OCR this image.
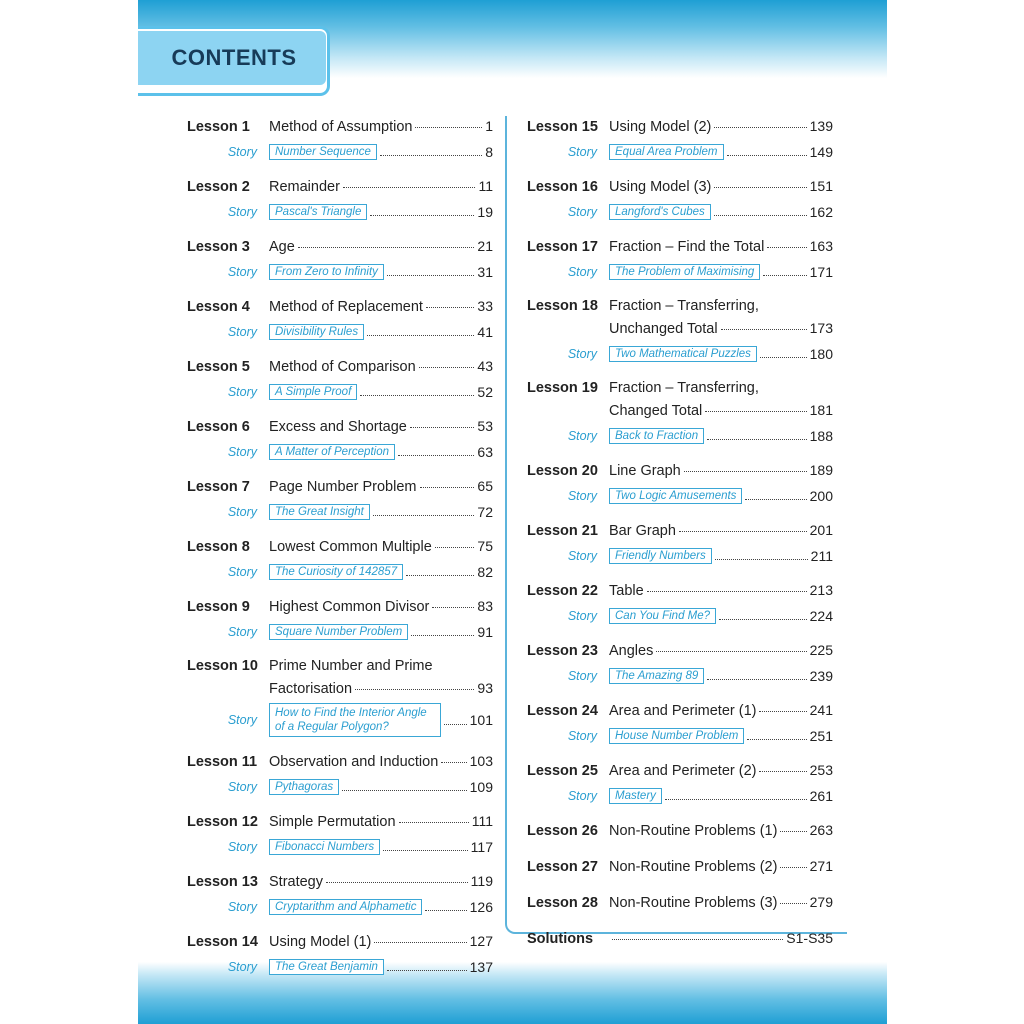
CONTENTS
Lesson 1	Method of Assumption	1
Story	Number Sequence	8
Lesson 2	Remainder	11
Story	Pascal's Triangle	19
Lesson 3	Age	21
Story	From Zero to Infinity	31
Lesson 4	Method of Replacement	33
Story	Divisibility Rules	41
Lesson 5	Method of Comparison	43
Story	A Simple Proof	52
Lesson 6	Excess and Shortage	53
Story	A Matter of Perception	63
Lesson 7	Page Number Problem	65
Story	The Great Insight	72
Lesson 8	Lowest Common Multiple	75
Story	The Curiosity of 142857	82
Lesson 9	Highest Common Divisor	83
Story	Square Number Problem	91
Lesson 10 Prime Number and Prime
Factorisation	93
Story	How to Find the Interior Angle of a Regular Polygon?	101
Lesson 11 Observation and Induction 103
Story	Pythagoras	109
Lesson 12 Simple Permutation	111
Story	Fibonacci Numbers	117
Lesson 13 Strategy	119
Story	Cryptarithm and Alphametic	126
Lesson 14 Using Model (1)	127
Story	The Great Benjamin	137
Lesson 15 Using Model (2)	139
Story	Equal Area Problem	149
Lesson 16 Using Model (3)	151
Story	Langford's Cubes	162
Lesson 17 Fraction – Find the Total	163
Story	The Problem of Maximising	171
Lesson 18 Fraction – Transferring,
Unchanged Total	173
Story	Two Mathematical Puzzles	180
Lesson 19 Fraction – Transferring,
Changed Total	181
Story	Back to Fraction	188
Lesson 20 Line Graph	189
Story	Two Logic Amusements	200
Lesson 21 Bar Graph	201
Story	Friendly Numbers	211
Lesson 22 Table	213
Story	Can You Find Me?	224
Lesson 23 Angles	225
Story	The Amazing 89	239
Lesson 24 Area and Perimeter (1)	241
Story	House Number Problem	251
Lesson 25 Area and Perimeter (2)	253
Story	Mastery	261
Lesson 26 Non-Routine Problems (1) 263
Lesson 27 Non-Routine Problems (2) 271
Lesson 28 Non-Routine Problems (3) 279
Solutions	S1-S35
